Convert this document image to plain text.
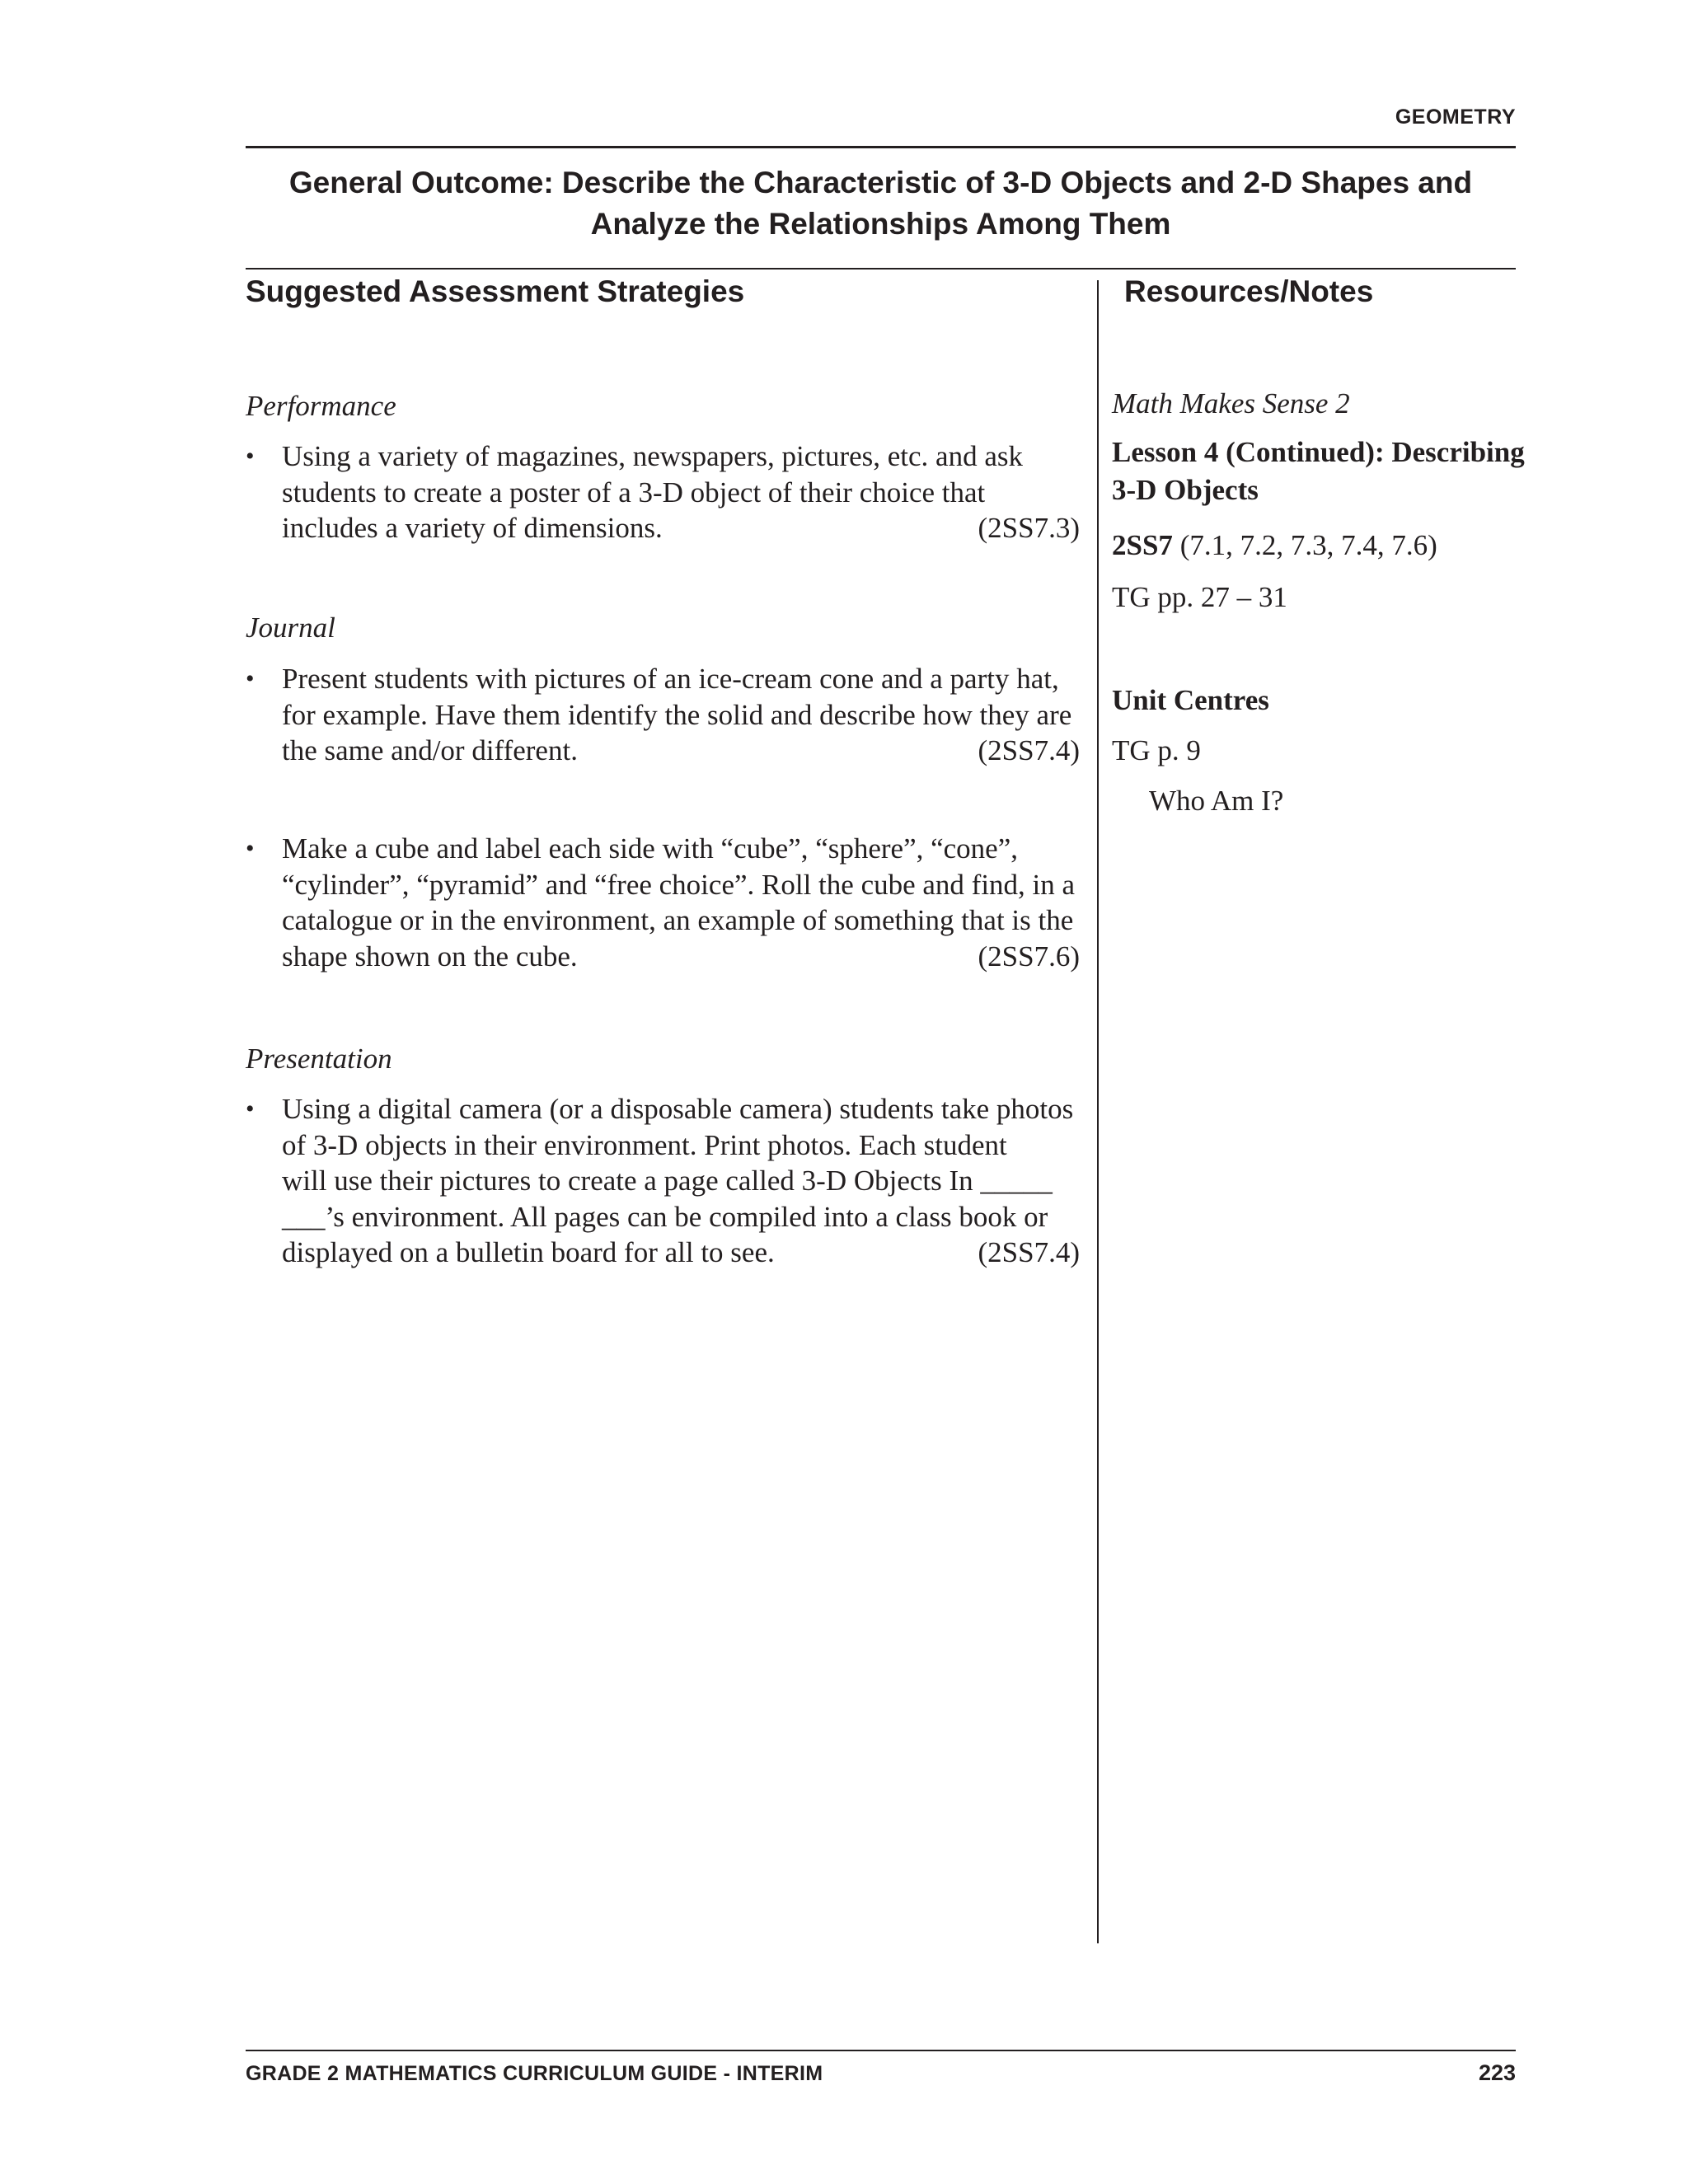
GEOMETRY
General Outcome: Describe the Characteristic of 3-D Objects and 2-D Shapes and
Analyze the Relationships Among Them
Suggested Assessment Strategies	Resources/Notes
Performance
• Using a variety of magazines, newspapers, pictures, etc. and ask
students to create a poster of a 3-D object of their choice that
includes a variety of dimensions.	(2SS7.3)
Journal
• Present students with pictures of an ice-cream cone and a party hat,
for example. Have them identify the solid and describe how they are
the same and/or different.	(2SS7.4)
• Make a cube and label each side with “cube”, “sphere”, “cone”,
“cylinder”, “pyramid” and “free choice”. Roll the cube and find, in a
catalogue or in the environment, an example of something that is the
shape shown on the cube.	(2SS7.6)
Presentation
• Using a digital camera (or a disposable camera) students take photos
of 3-D objects in their environment. Print photos. Each student
will use their pictures to create a page called 3-D Objects In _____
___’s environment. All pages can be compiled into a class book or
displayed on a bulletin board for all to see.	(2SS7.4)
Math Makes Sense 2
Lesson 4 (Continued): Describing
3-D Objects
2SS7 (7.1, 7.2, 7.3, 7.4, 7.6)
TG pp. 27 – 31
Unit Centres
TG p. 9
Who Am I?
GRADE 2 MATHEMATICS CURRICULUM GUIDE - INTERIM	223
